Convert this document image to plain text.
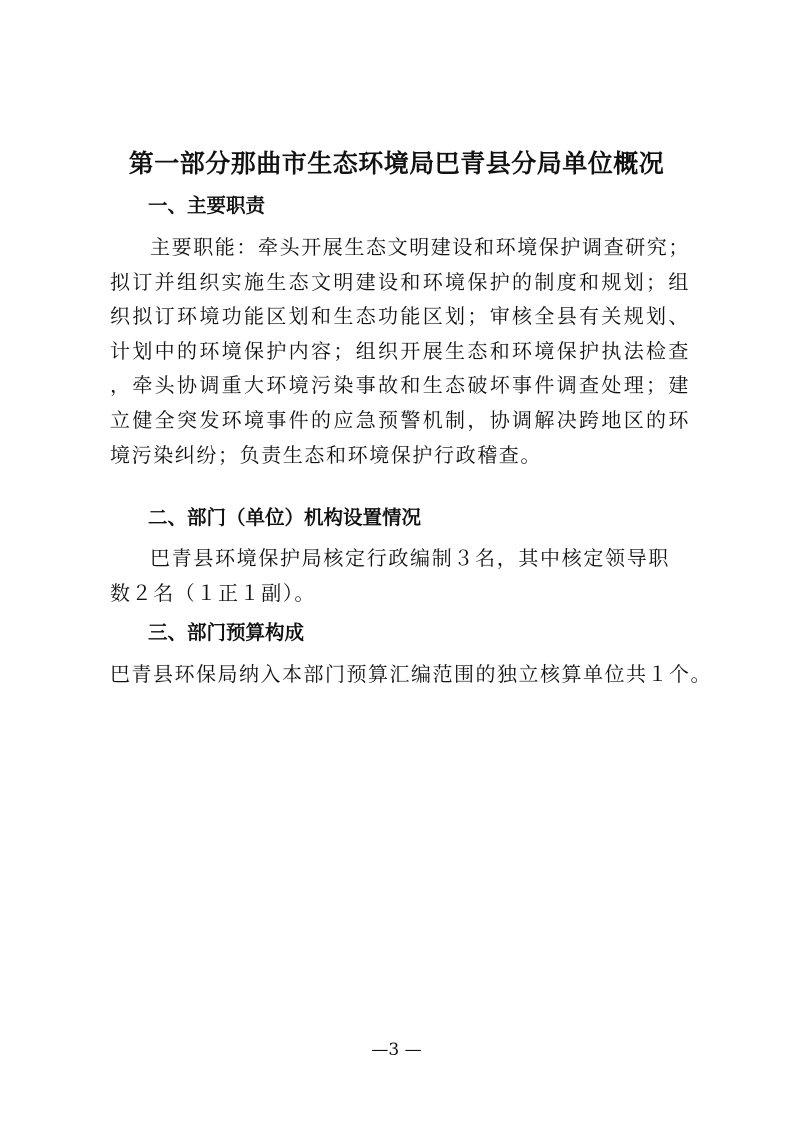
第一部分那曲市生态环境局巴青县分局单位概况
一、主要职责
主要职能：牵头开展生态文明建设和环境保护调查研究；拟订并组织实施生态文明建设和环境保护的制度和规划；组织拟订环境功能区划和生态功能区划；审核全县有关规划、计划中的环境保护内容；组织开展生态和环境保护执法检查，牵头协调重大环境污染事故和生态破坏事件调查处理；建立健全突发环境事件的应急预警机制，协调解决跨地区的环境污染纠纷；负责生态和环境保护行政稽查。
二、部门（单位）机构设置情况
巴青县环境保护局核定行政编制３名，其中核定领导职数２名（１正１副）。
三、部门预算构成
巴青县环保局纳入本部门预算汇编范围的独立核算单位共１个。
—3 —
